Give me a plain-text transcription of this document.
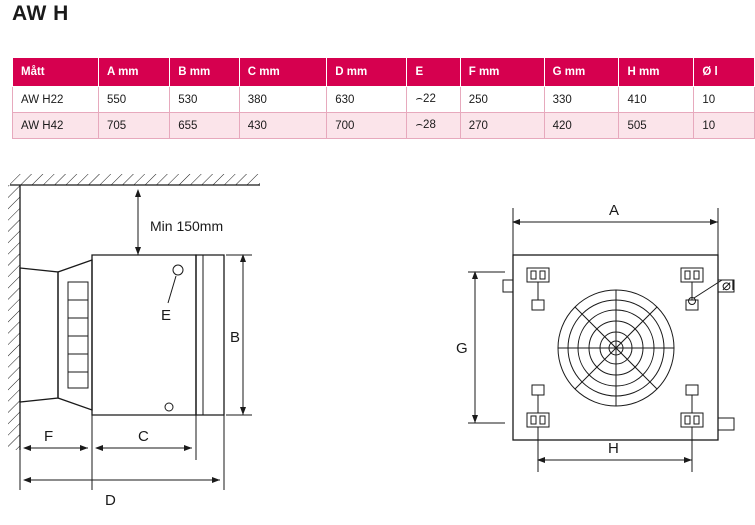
AW H
Mått	A mm	B mm	C mm	D mm	E	F mm	G mm	H mm	Ø l
AW H22	550	530	380	630	⌢22	250	330	410	10
AW H42	705	655	430	700	⌢28	270	420	505	10
Min 150mm
E
B
F	C
D
A
⌀I
G
H
